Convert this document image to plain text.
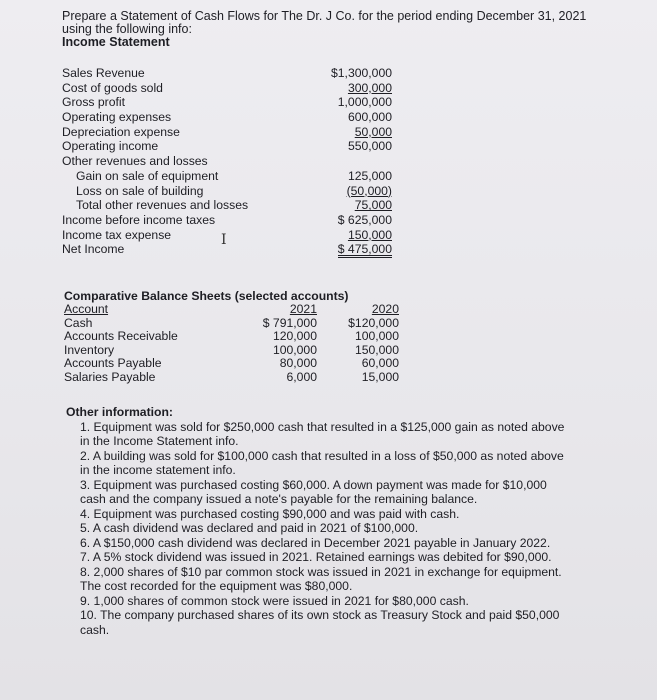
Prepare a Statement of Cash Flows for The Dr. J Co. for the period ending December 31, 2021
using the following info:
Income Statement
Sales Revenue	$1,300,000
Cost of goods sold	300,000
Gross profit	1,000,000
Operating expenses	600,000
Depreciation expense	50,000
Operating income	550,000
Other revenues and losses
Gain on sale of equipment	125,000
Loss on sale of building	(50,000)
Total other revenues and losses	75,000
Income before income taxes	$ 625,000
Income tax expense	150,000
Net Income	$ 475,000
I
Comparative Balance Sheets (selected accounts)
Account	2021	2020
Cash	$ 791,000	$120,000
Accounts Receivable	120,000	100,000
Inventory	100,000	150,000
Accounts Payable	80,000	60,000
Salaries Payable	6,000	15,000
Other information:
1. Equipment was sold for $250,000 cash that resulted in a $125,000 gain as noted above
in the Income Statement info.
2. A building was sold for $100,000 cash that resulted in a loss of $50,000 as noted above
in the income statement info.
3. Equipment was purchased costing $60,000. A down payment was made for $10,000
cash and the company issued a note's payable for the remaining balance.
4. Equipment was purchased costing $90,000 and was paid with cash.
5. A cash dividend was declared and paid in 2021 of $100,000.
6. A $150,000 cash dividend was declared in December 2021 payable in January 2022.
7. A 5% stock dividend was issued in 2021. Retained earnings was debited for $90,000.
8. 2,000 shares of $10 par common stock was issued in 2021 in exchange for equipment.
The cost recorded for the equipment was $80,000.
9. 1,000 shares of common stock were issued in 2021 for $80,000 cash.
10. The company purchased shares of its own stock as Treasury Stock and paid $50,000
cash.
